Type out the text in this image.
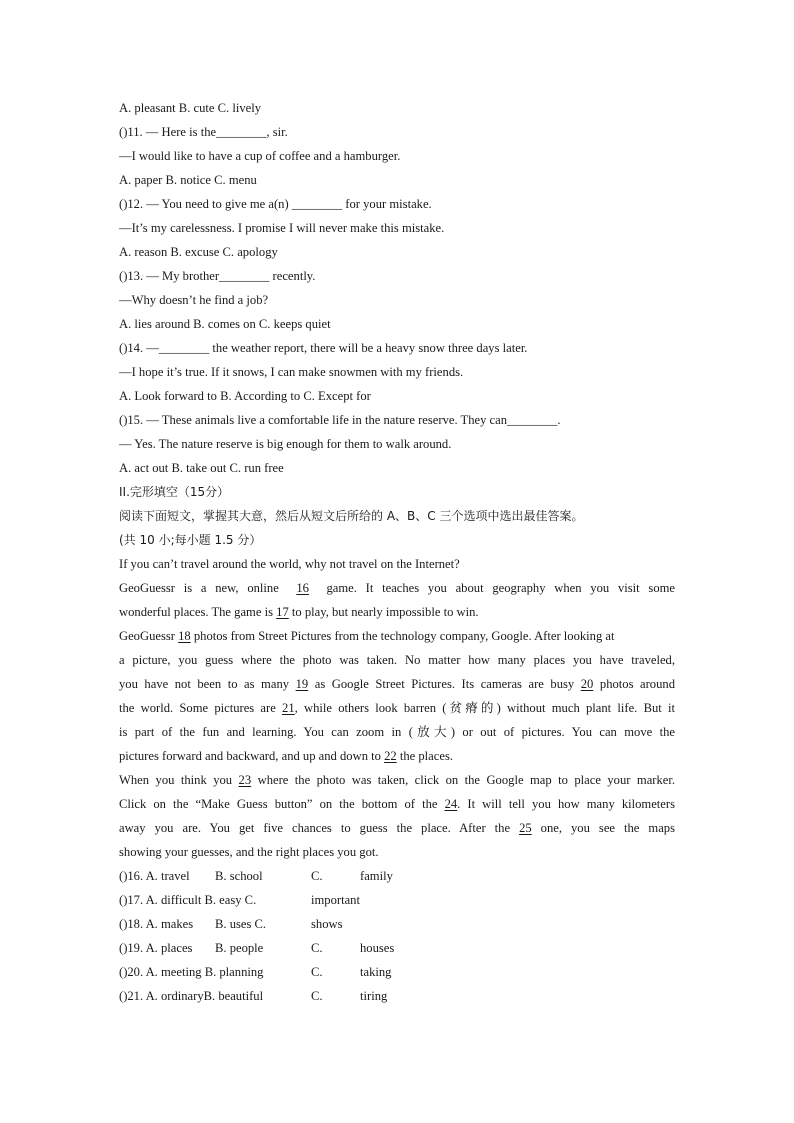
A. pleasant B. cute C. lively
()11. — Here is the________, sir.
—I would like to have a cup of coffee and a hamburger.
A. paper B. notice C. menu
()12. — You need to give me a(n) ________ for your mistake.
—It’s my carelessness. I promise I will never make this mistake.
A. reason B. excuse C. apology
()13. — My brother________ recently.
—Why doesn’t he find a job?
A. lies around B. comes on C. keeps quiet
()14. —________ the weather report, there will be a heavy snow three days later.
—I hope it’s true. If it snows, I can make snowmen with my friends.
A. Look forward to B. According to C. Except for
()15. — These animals live a comfortable life in the nature reserve. They can________.
— Yes. The nature reserve is big enough for them to walk around.
A. act out B. take out C. run free
II.完形填空（15分）
阅读下面短文，掌握其大意，然后从短文后所给的 A、B、C 三个选项中选出最佳答案。
(共 10 小;每小题 1.5 分）
If you can’t travel around the world, why not travel on the Internet?
GeoGuessr is a new, online 16 game. It teaches you about geography when you visit some
wonderful places. The game is 17 to play, but nearly impossible to win.
GeoGuessr 18 photos from Street Pictures from the technology company, Google. After looking at
a picture, you guess where the photo was taken. No matter how many places you have traveled,
you have not been to as many 19 as Google Street Pictures. Its cameras are busy 20 photos around
the world. Some pictures are 21, while others look barren (贫瘠的) without much plant life. But it
is part of the fun and learning. You can zoom in (放大) or out of pictures. You can move the
pictures forward and backward, and up and down to 22 the places.
When you think you 23 where the photo was taken, click on the Google map to place your marker.
Click on the “Make Guess button” on the bottom of the 24. It will tell you how many kilometers
away you are. You get five chances to guess the place. After the 25 one, you see the maps
showing your guesses, and the right places you got.
()16. A. travel B. school	C.	family
()17. A. difficult B. easy C.	important
()18. A. makes B. uses C.	shows
()19. A. places B. people	C.	houses
()20. A. meeting B. planning	C.	taking
()21. A. ordinaryB. beautiful	C.	tiring
